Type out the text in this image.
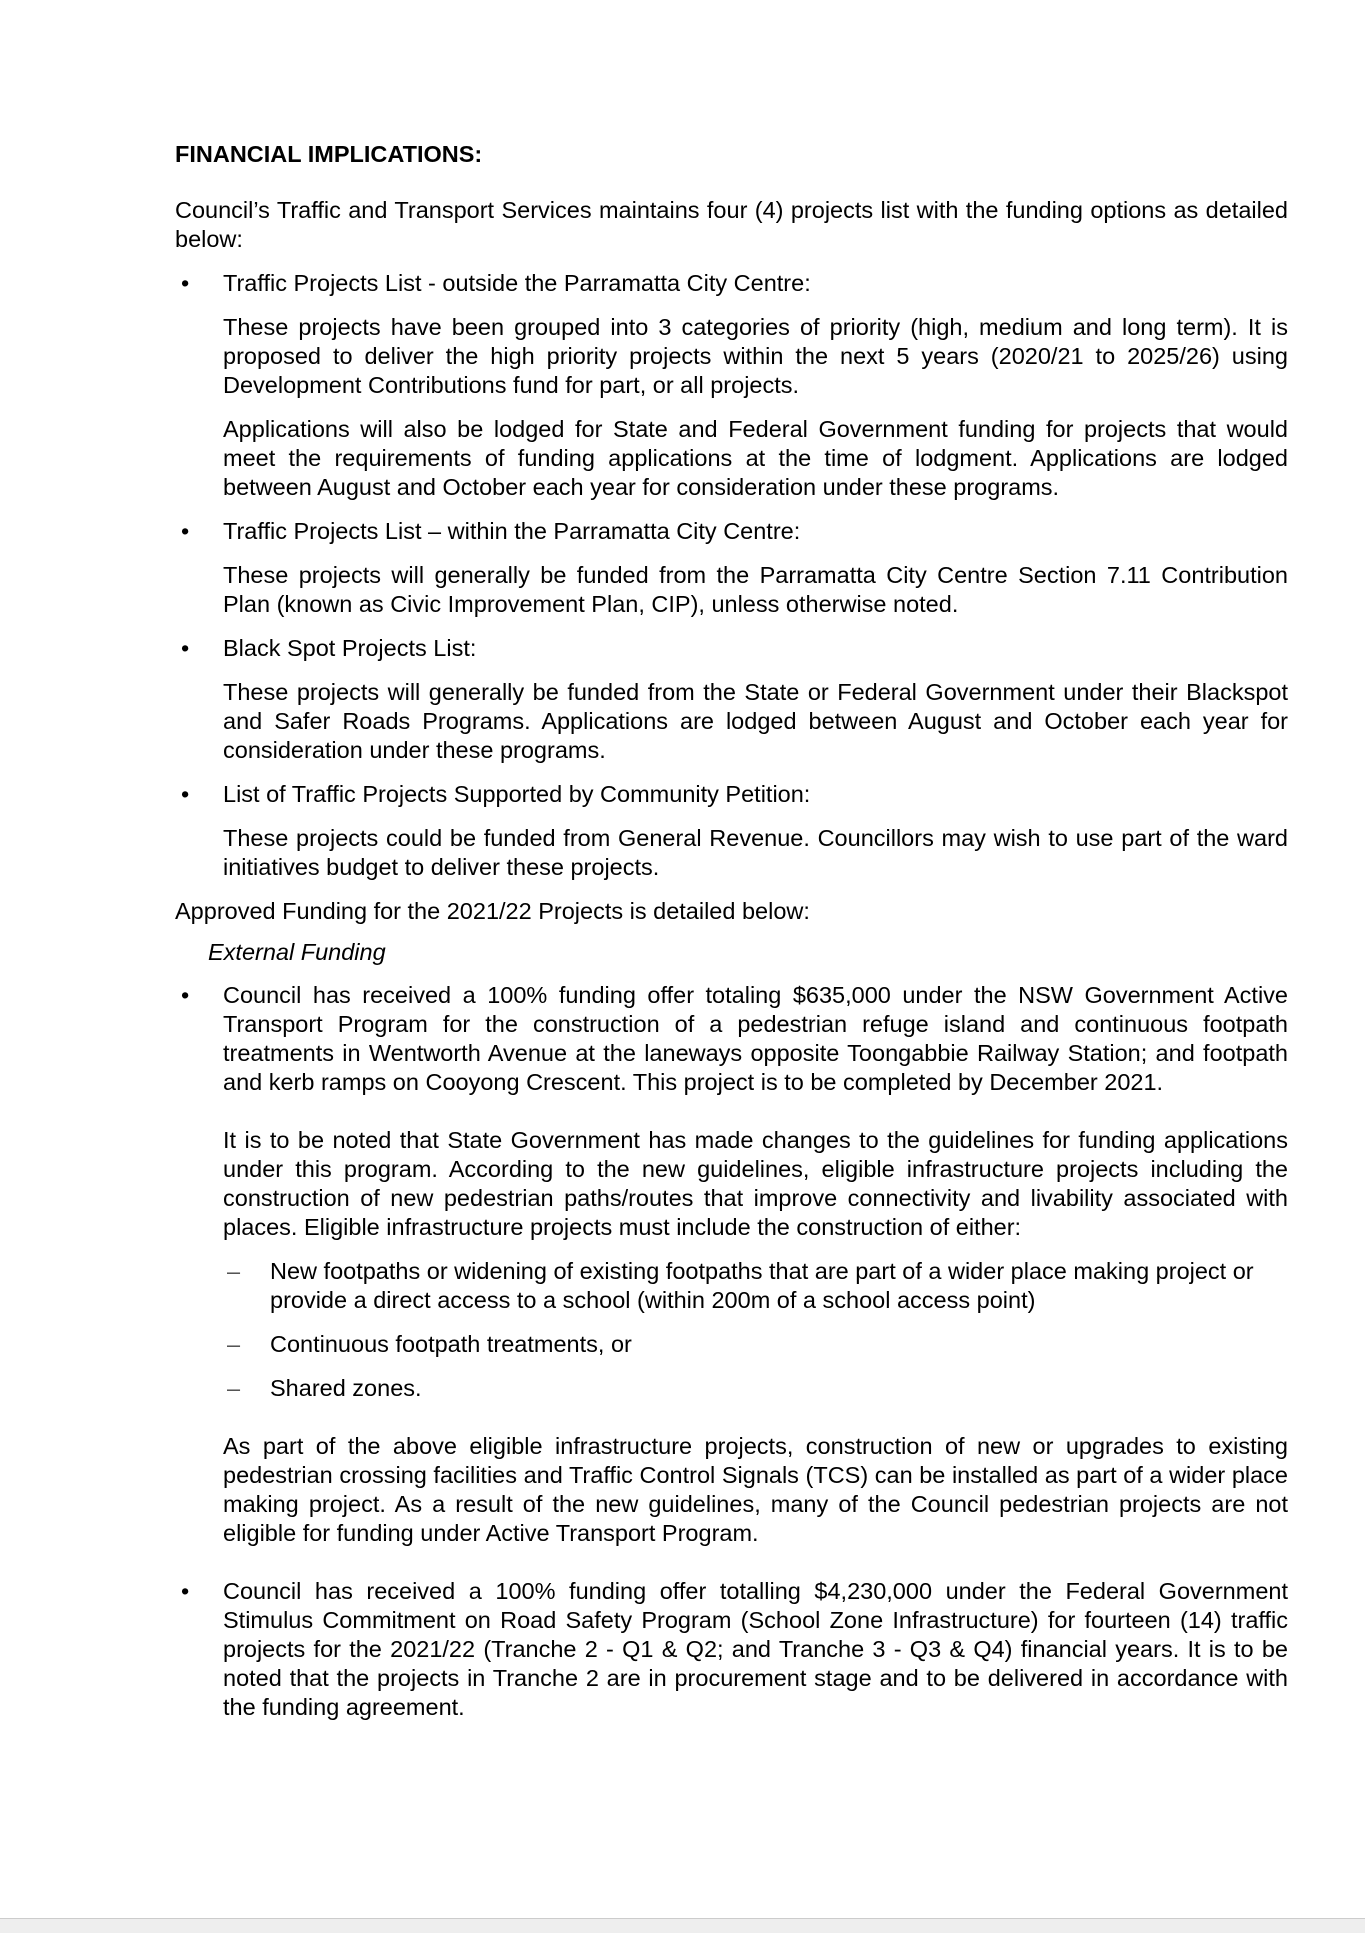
FINANCIAL IMPLICATIONS:

Council’s Traffic and Transport Services maintains four (4) projects list with the funding options as detailed below:

• Traffic Projects List - outside the Parramatta City Centre:

These projects have been grouped into 3 categories of priority (high, medium and long term). It is proposed to deliver the high priority projects within the next 5 years (2020/21 to 2025/26) using Development Contributions fund for part, or all projects.

Applications will also be lodged for State and Federal Government funding for projects that would meet the requirements of funding applications at the time of lodgment. Applications are lodged between August and October each year for consideration under these programs.

• Traffic Projects List – within the Parramatta City Centre:

These projects will generally be funded from the Parramatta City Centre Section 7.11 Contribution Plan (known as Civic Improvement Plan, CIP), unless otherwise noted.

• Black Spot Projects List:

These projects will generally be funded from the State or Federal Government under their Blackspot and Safer Roads Programs. Applications are lodged between August and October each year for consideration under these programs.

• List of Traffic Projects Supported by Community Petition:

These projects could be funded from General Revenue. Councillors may wish to use part of the ward initiatives budget to deliver these projects.

Approved Funding for the 2021/22 Projects is detailed below:

External Funding

• Council has received a 100% funding offer totaling $635,000 under the NSW Government Active Transport Program for the construction of a pedestrian refuge island and continuous footpath treatments in Wentworth Avenue at the laneways opposite Toongabbie Railway Station; and footpath and kerb ramps on Cooyong Crescent. This project is to be completed by December 2021.

It is to be noted that State Government has made changes to the guidelines for funding applications under this program. According to the new guidelines, eligible infrastructure projects including the construction of new pedestrian paths/routes that improve connectivity and livability associated with places. Eligible infrastructure projects must include the construction of either:

– New footpaths or widening of existing footpaths that are part of a wider place making project or provide a direct access to a school (within 200m of a school access point)
– Continuous footpath treatments, or
– Shared zones.

As part of the above eligible infrastructure projects, construction of new or upgrades to existing pedestrian crossing facilities and Traffic Control Signals (TCS) can be installed as part of a wider place making project. As a result of the new guidelines, many of the Council pedestrian projects are not eligible for funding under Active Transport Program.

• Council has received a 100% funding offer totalling $4,230,000 under the Federal Government Stimulus Commitment on Road Safety Program (School Zone Infrastructure) for fourteen (14) traffic projects for the 2021/22 (Tranche 2 - Q1 & Q2; and Tranche 3 - Q3 & Q4) financial years. It is to be noted that the projects in Tranche 2 are in procurement stage and to be delivered in accordance with the funding agreement.
